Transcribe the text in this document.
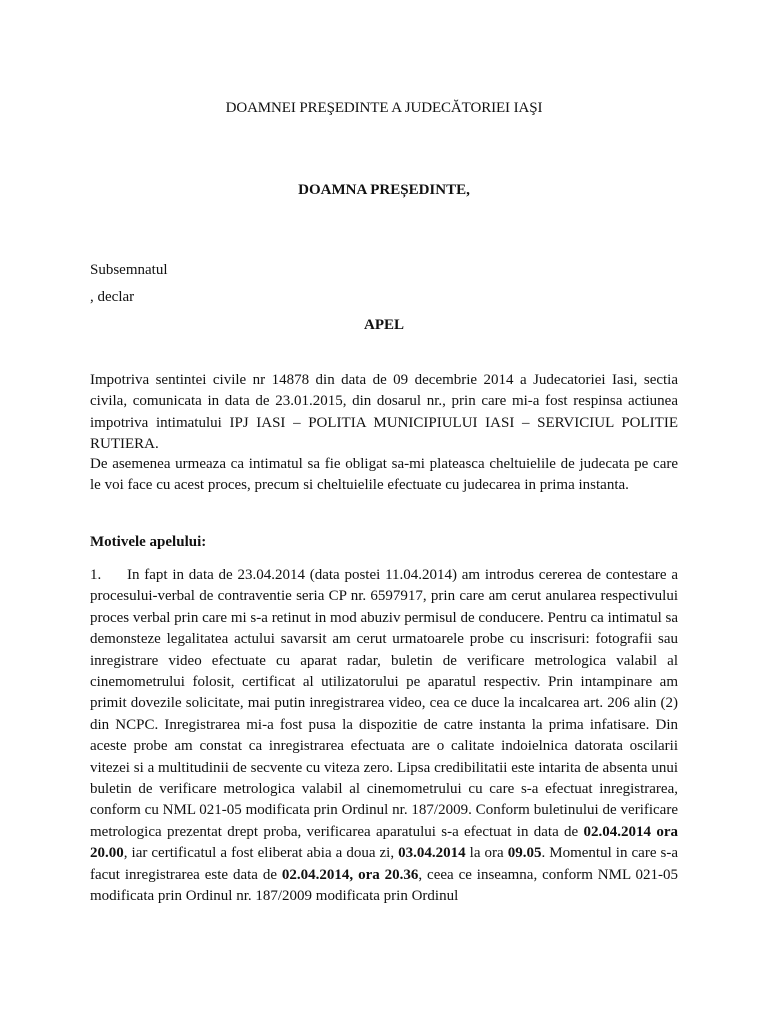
DOAMNEI PREŞEDINTE A JUDECĂTORIEI IAŞI
DOAMNA PREȘEDINTE,
Subsemnatul
, declar
APEL
Impotriva sentintei civile nr 14878 din data de 09 decembrie 2014 a Judecatoriei Iasi, sectia civila, comunicata in data de 23.01.2015, din dosarul nr., prin care mi-a fost respinsa actiunea impotriva intimatului IPJ IASI – POLITIA MUNICIPIULUI IASI – SERVICIUL POLITIE RUTIERA.
De asemenea urmeaza ca intimatul sa fie obligat sa-mi plateasca cheltuielile de judecata pe care le voi face cu acest proces, precum si cheltuielile efectuate cu judecarea in prima instanta.
Motivele apelului:
1. In fapt in data de 23.04.2014 (data postei 11.04.2014) am introdus cererea de contestare a procesului-verbal de contraventie seria CP nr. 6597917, prin care am cerut anularea respectivului proces verbal prin care mi s-a retinut in mod abuziv permisul de conducere. Pentru ca intimatul sa demonsteze legalitatea actului savarsit am cerut urmatoarele probe cu inscrisuri: fotografii sau inregistrare video efectuate cu aparat radar, buletin de verificare metrologica valabil al cinemometrului folosit, certificat al utilizatorului pe aparatul respectiv. Prin intampinare am primit dovezile solicitate, mai putin inregistrarea video, cea ce duce la incalcarea art. 206 alin (2) din NCPC. Inregistrarea mi-a fost pusa la dispozitie de catre instanta la prima infatisare. Din aceste probe am constat ca inregistrarea efectuata are o calitate indoielnica datorata oscilarii vitezei si a multitudinii de secvente cu viteza zero. Lipsa credibilitatii este intarita de absenta unui buletin de verificare metrologica valabil al cinemometrului cu care s-a efectuat inregistrarea, conform cu NML 021-05 modificata prin Ordinul nr. 187/2009. Conform buletinului de verificare metrologica prezentat drept proba, verificarea aparatului s-a efectuat in data de 02.04.2014 ora 20.00, iar certificatul a fost eliberat abia a doua zi, 03.04.2014 la ora 09.05. Momentul in care s-a facut inregistrarea este data de 02.04.2014, ora 20.36, ceea ce inseamna, conform NML 021-05 modificata prin Ordinul nr. 187/2009 modificata prin Ordinul
